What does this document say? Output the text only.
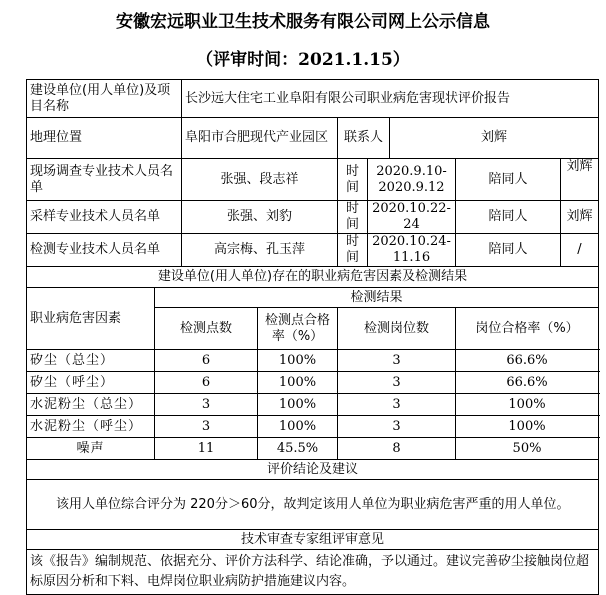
安徽宏远职业卫生技术服务有限公司网上公示信息
（评审时间：2021.1.15）
建设单位(用人单位)及项目名称		长沙远大住宅工业阜阳有限公司职业病危害现状评价报告						
地理位置		阜阳市合肥现代产业园区		联系人		刘辉		
现场调查专业技术人员名单		张强、段志祥		时间	2020.9.10-2020.9.12		陪同人	刘辉
采样专业技术人员名单		张强、刘豹		时间	2020.10.22-24		陪同人	刘辉
检测专业技术人员名单		高宗梅、孔玉萍		时间	2020.10.24-11.16		陪同人	/
建设单位(用人单位)存在的职业病危害因素及检测结果								
职业病危害因素	检测结果							
	检测点数		检测点合格率（%）	检测岗位数			岗位合格率（%）	
矽尘（总尘）	6		100%	3			66.6%	
矽尘（呼尘）	6		100%	3			66.6%	
水泥粉尘（总尘）	3		100%	3			100%	
水泥粉尘（呼尘）	3		100%	3			100%	
噪声	11		45.5%	8			50%	
评价结论及建议								
该用人单位综合评分为 220分＞60分，故判定该用人单位为职业病危害严重的用人单位。								
技术审查专家组评审意见								
该《报告》编制规范、依据充分、评价方法科学、结论准确，予以通过。建议完善矽尘接触岗位超标原因分析和下料、电焊岗位职业病防护措施建议内容。								
